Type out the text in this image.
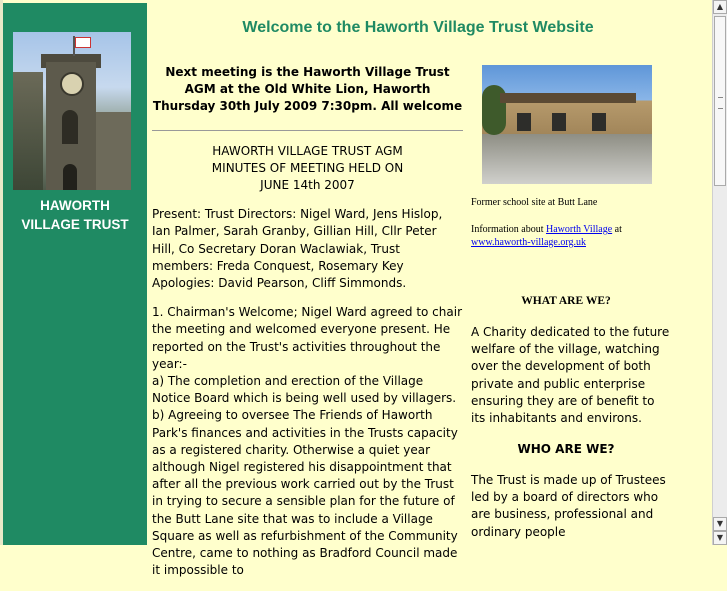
HAWORTH
VILLAGE TRUST
Welcome to the Haworth Village Trust Website

Next meeting is the Haworth Village Trust AGM at the Old White Lion, Haworth Thursday 30th July 2009 7:30pm. All welcome

HAWORTH VILLAGE TRUST AGM
MINUTES OF MEETING HELD ON
JUNE 14th 2007

Present: Trust Directors: Nigel Ward, Jens Hislop, Ian Palmer, Sarah Granby, Gillian Hill, Cllr Peter Hill, Co Secretary Doran Waclawiak, Trust members: Freda Conquest, Rosemary Key

Apologies: David Pearson, Cliff Simmonds.

1. Chairman's Welcome; Nigel Ward agreed to chair the meeting and welcomed everyone present. He reported on the Trust's activities throughout the year:-

a) The completion and erection of the Village Notice Board which is being well used by villagers.

b) Agreeing to oversee The Friends of Haworth Park's finances and activities in the Trusts capacity as a registered charity. Otherwise a quiet year although Nigel registered his disappointment that after all the previous work carried out by the Trust in trying to secure a sensible plan for the future of the Butt Lane site that was to include a Village Square as well as refurbishment of the Community Centre, came to nothing as Bradford Council made it impossible to

Former school site at Butt Lane
Information about Haworth Village at
www.haworth-village.org.uk
WHAT ARE WE?

A Charity dedicated to the future welfare of the village, watching over the development of both private and public enterprise ensuring they are of benefit to its inhabitants and environs.

WHO ARE WE?

The Trust is made up of Trustees led by a board of directors who are business, professional and ordinary people

▲
▼
▼
